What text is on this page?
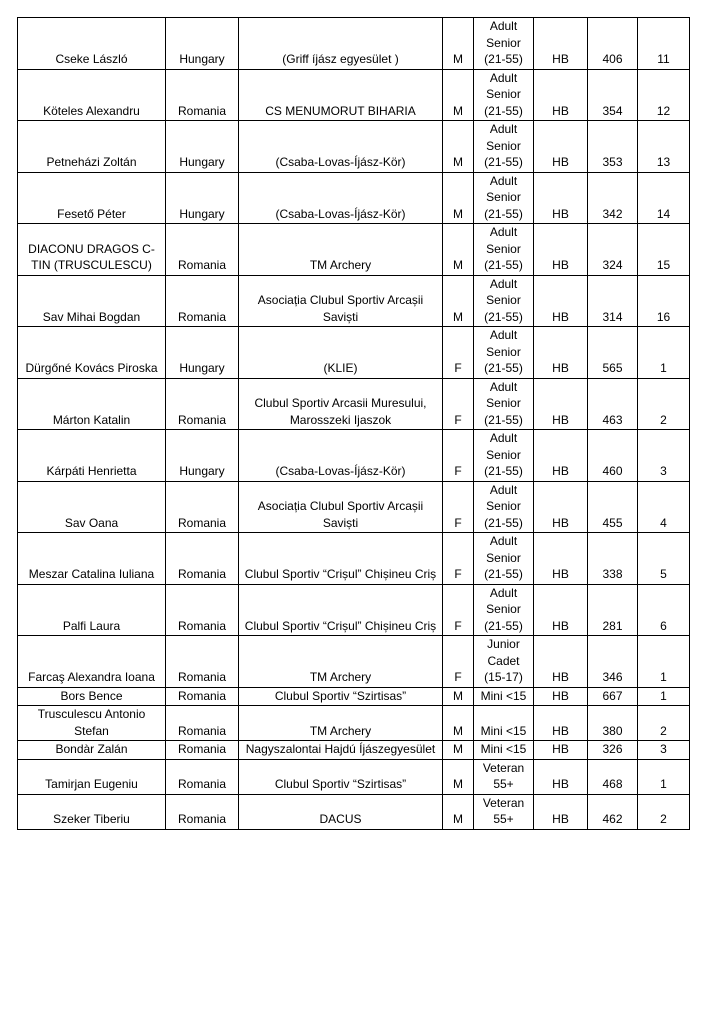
Cseke László	Hungary	(Griff íjász egyesület )	M	Adult
Senior
(21-55)	HB	406	11
Köteles Alexandru	Romania	CS MENUMORUT BIHARIA	M	Adult
Senior
(21-55)	HB	354	12
Petneházi Zoltán	Hungary	(Csaba-Lovas-Íjász-Kör)	M	Adult
Senior
(21-55)	HB	353	13
Fesető Péter	Hungary	(Csaba-Lovas-Íjász-Kör)	M	Adult
Senior
(21-55)	HB	342	14
DIACONU DRAGOS C-TIN (TRUSCULESCU)	Romania	TM Archery	M	Adult
Senior
(21-55)	HB	324	15
Sav Mihai Bogdan	Romania	Asociația Clubul Sportiv Arcașii Saviști	M	Adult
Senior
(21-55)	HB	314	16
Dürgőné Kovács Piroska	Hungary	(KLIE)	F	Adult
Senior
(21-55)	HB	565	1
Márton Katalin	Romania	Clubul Sportiv Arcasii Muresului, Marosszeki Ijaszok	F	Adult
Senior
(21-55)	HB	463	2
Kárpáti Henrietta	Hungary	(Csaba-Lovas-Íjász-Kör)	F	Adult
Senior
(21-55)	HB	460	3
Sav Oana	Romania	Asociația Clubul Sportiv Arcașii Saviști	F	Adult
Senior
(21-55)	HB	455	4
Meszar Catalina Iuliana	Romania	Clubul Sportiv “Crișul” Chișineu Criș	F	Adult
Senior
(21-55)	HB	338	5
Palfi Laura	Romania	Clubul Sportiv “Crișul” Chișineu Criș	F	Adult
Senior
(21-55)	HB	281	6
Farcaş Alexandra Ioana	Romania	TM Archery	F	Junior
Cadet
(15-17)	HB	346	1
Bors Bence	Romania	Clubul Sportiv “Szirtisas”	M	Mini <15	HB	667	1
Trusculescu Antonio Stefan	Romania	TM Archery	M	Mini <15	HB	380	2
Bondàr Zalán	Romania	Nagyszalontai Hajdú Íjászegyesület	M	Mini <15	HB	326	3
Tamirjan Eugeniu	Romania	Clubul Sportiv “Szirtisas”	M	Veteran
55+	HB	468	1
Szeker Tiberiu	Romania	DACUS	M	Veteran
55+	HB	462	2
